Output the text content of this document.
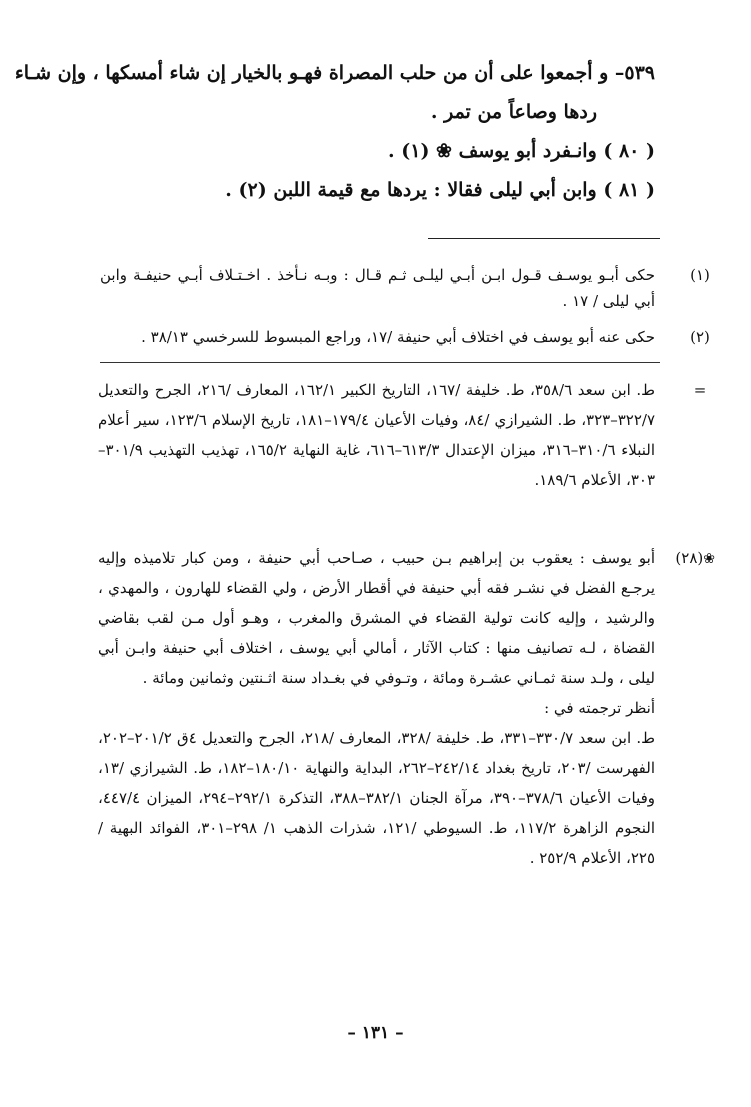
٥٣٩– و أجمعوا على أن من حلب المصراة فهـو بالخيار إن شاء أمسكها ، وإن شـاء
ردها وصاعاً من تمر .
( ٨٠ ) وانـفرد أبو يوسف ❀ (١) .
( ٨١ ) وابن أبي ليلى فقالا : يردها مع قيمة اللبن (٢) .
(١)
حكى أبـو يوسـف قـول ابـن أبـي ليلـى ثـم قـال : وبـه نـأخذ . اخـتـلاف أبـي حنيفـة وابن أبي ليلى / ١٧ .
(٢)
حكى عنه أبو يوسف في اختلاف أبي حنيفة /١٧، وراجع المبسوط للسرخسي ٣٨/١٣ .
=
ط. ابن سعد ٣٥٨/٦، ط. خليفة /١٦٧، التاريخ الكبير ١٦٢/١، المعارف /٢١٦، الجرح والتعديل ٣٢٢/٧–٣٢٣، ط. الشيرازي /٨٤، وفيات الأعيان ١٧٩/٤–١٨١، تاريخ الإسلام ١٢٣/٦، سير أعلام النبلاء ٣١٠/٦–٣١٦، ميزان الإعتدال ٦١٣/٣–٦١٦، غاية النهاية ١٦٥/٢، تهذيب التهذيب ٣٠١/٩–٣٠٣، الأعلام ١٨٩/٦.
❀(٢٨)
أبو يوسف : يعقوب بن إبراهيم بـن حبيب ، صـاحب أبي حنيفة ، ومن كبار تلاميذه وإليه يرجـع الفضل في نشـر فقه أبي حنيفة في أقطار الأرض ، ولي القضاء للهارون ، والمهدي ، والرشيد ، وإليه كانت تولية القضاء في المشرق والمغرب ، وهـو أول مـن لقب بقاضي القضاة ، لـه تصانيف منها : كتاب الآثار ، أمالي أبي يوسف ، اختلاف أبي حنيفة وابـن أبي ليلى ، ولـد سنة ثمـاني عشـرة ومائة ، وتـوفي في بغـداد سنة اثـنتين وثمانين ومائة .
أنظر ترجمته في :
ط. ابن سعد ٣٣٠/٧–٣٣١، ط. خليفة /٣٢٨، المعارف /٢١٨، الجرح والتعديل ٤ق ٢٠١/٢–٢٠٢، الفهرست /٢٠٣، تاريخ بغداد ٢٤٢/١٤–٢٦٢، البداية والنهاية ١٨٠/١٠–١٨٢، ط. الشيرازي /١٣، وفيات الأعيان ٣٧٨/٦–٣٩٠، مرآة الجنان ٣٨٢/١–٣٨٨، التذكرة ٢٩٢/١–٢٩٤، الميزان ٤٤٧/٤، النجوم الزاهرة ١١٧/٢، ط. السيوطي /١٢١، شذرات الذهب ١/ ٢٩٨–٣٠١، الفوائد البهية /٢٢٥، الأعلام ٢٥٢/٩ .
– ١٣١ –
